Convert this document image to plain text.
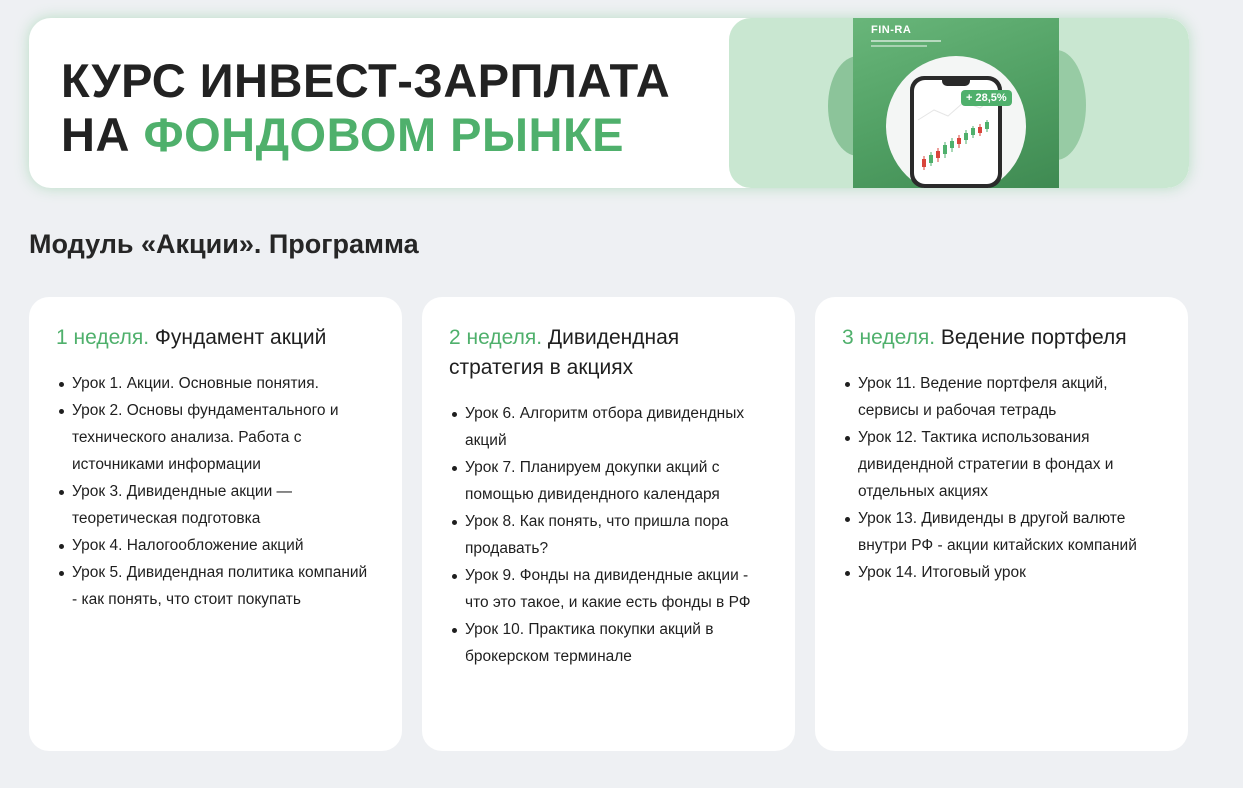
КУРС ИНВЕСТ-ЗАРПЛАТА
НА ФОНДОВОМ РЫНКЕ
FIN-RA
+ 28,5%
Модуль «Акции». Программа
1 неделя. Фундамент акций
Урок 1. Акции. Основные понятия.
Урок 2. Основы фундаментального и технического анализа. Работа с источниками информации
Урок 3. Дивидендные акции — теоретическая подготовка
Урок 4. Налогообложение акций
Урок 5. Дивидендная политика компаний - как понять, что стоит покупать
2 неделя. Дивидендная стратегия в акциях
Урок 6. Алгоритм отбора дивидендных акций
Урок 7. Планируем докупки акций с помощью дивидендного календаря
Урок 8. Как понять, что пришла пора продавать?
Урок 9. Фонды на дивидендные акции - что это такое, и какие есть фонды в РФ
Урок 10. Практика покупки акций в брокерском терминале
3 неделя. Ведение портфеля
Урок 11. Ведение портфеля акций, сервисы и рабочая тетрадь
Урок 12. Тактика использования дивидендной стратегии в фондах и отдельных акциях
Урок 13. Дивиденды в другой валюте внутри РФ - акции китайских компаний
Урок 14. Итоговый урок
